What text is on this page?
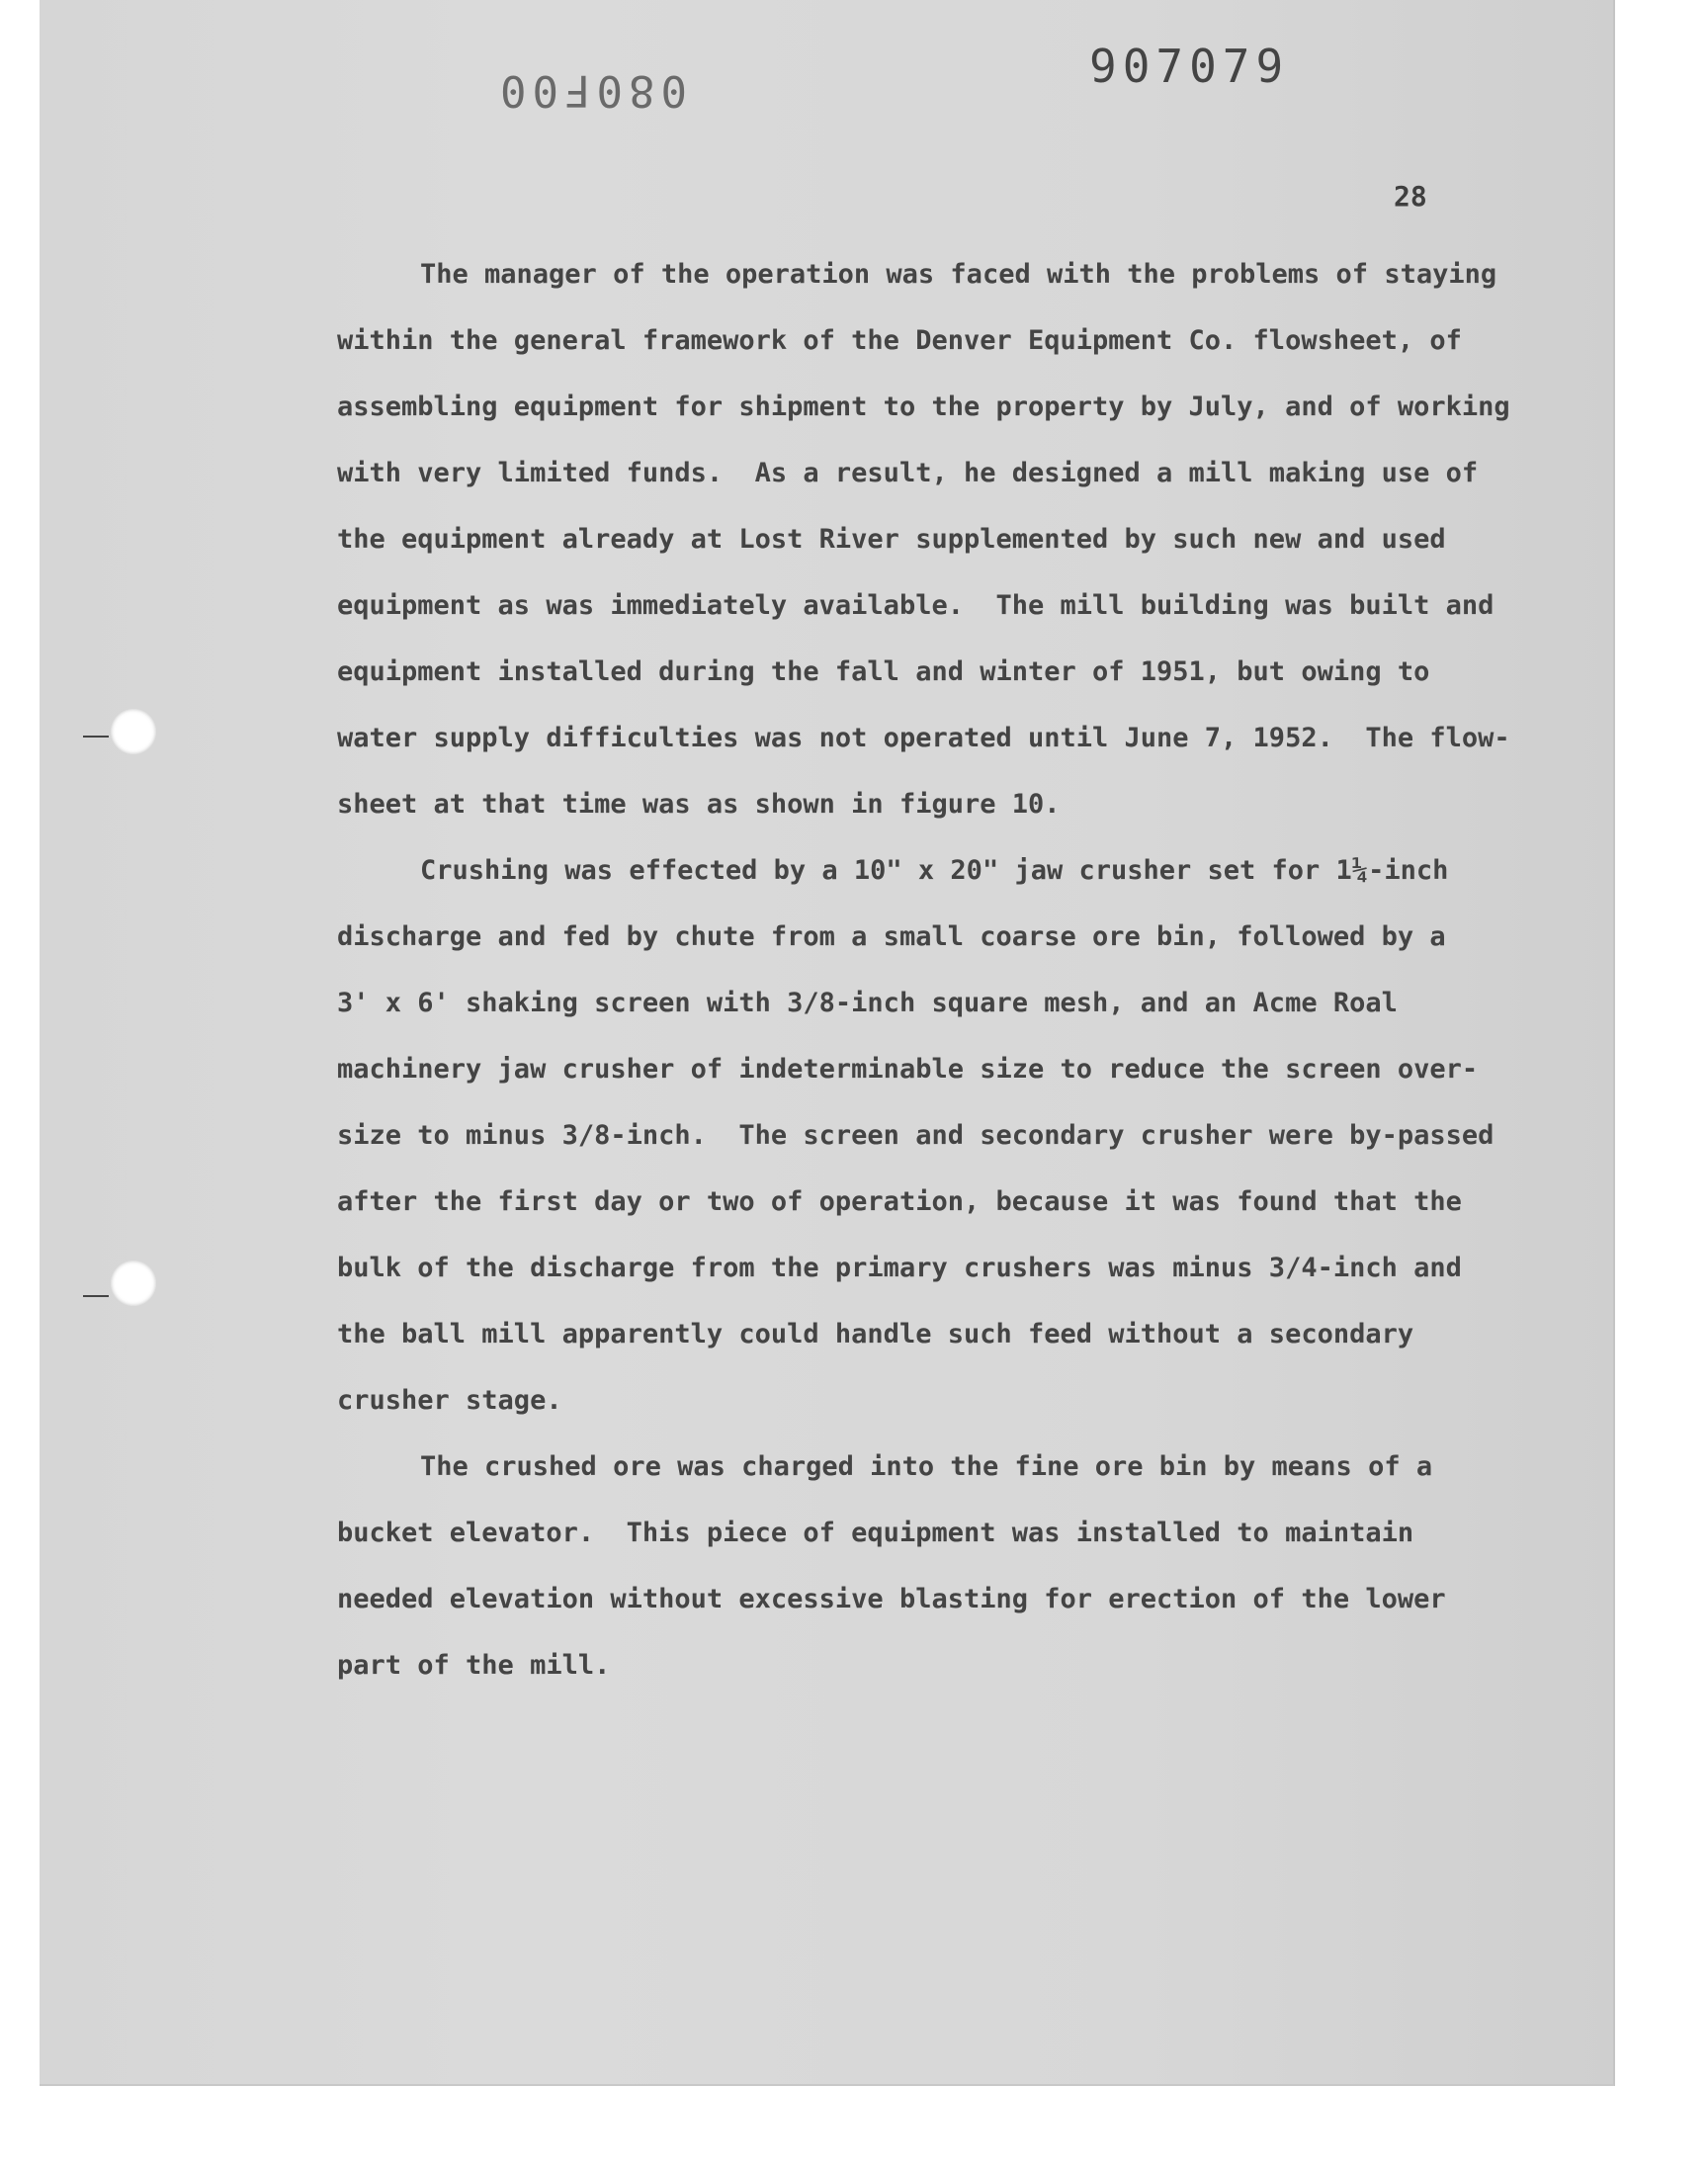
080F00	907079
28
The manager of the operation was faced with the problems of staying
within the general framework of the Denver Equipment Co. flowsheet, of
assembling equipment for shipment to the property by July, and of working
with very limited funds.  As a result, he designed a mill making use of
the equipment already at Lost River supplemented by such new and used
equipment as was immediately available.  The mill building was built and
equipment installed during the fall and winter of 1951, but owing to
water supply difficulties was not operated until June 7, 1952.  The flow-
sheet at that time was as shown in figure 10.
Crushing was effected by a 10" x 20" jaw crusher set for 1¼-inch
discharge and fed by chute from a small coarse ore bin, followed by a
3' x 6' shaking screen with 3/8-inch square mesh, and an Acme Roal
machinery jaw crusher of indeterminable size to reduce the screen over-
size to minus 3/8-inch.  The screen and secondary crusher were by-passed
after the first day or two of operation, because it was found that the
bulk of the discharge from the primary crushers was minus 3/4-inch and
the ball mill apparently could handle such feed without a secondary
crusher stage.
The crushed ore was charged into the fine ore bin by means of a
bucket elevator.  This piece of equipment was installed to maintain
needed elevation without excessive blasting for erection of the lower
part of the mill.
